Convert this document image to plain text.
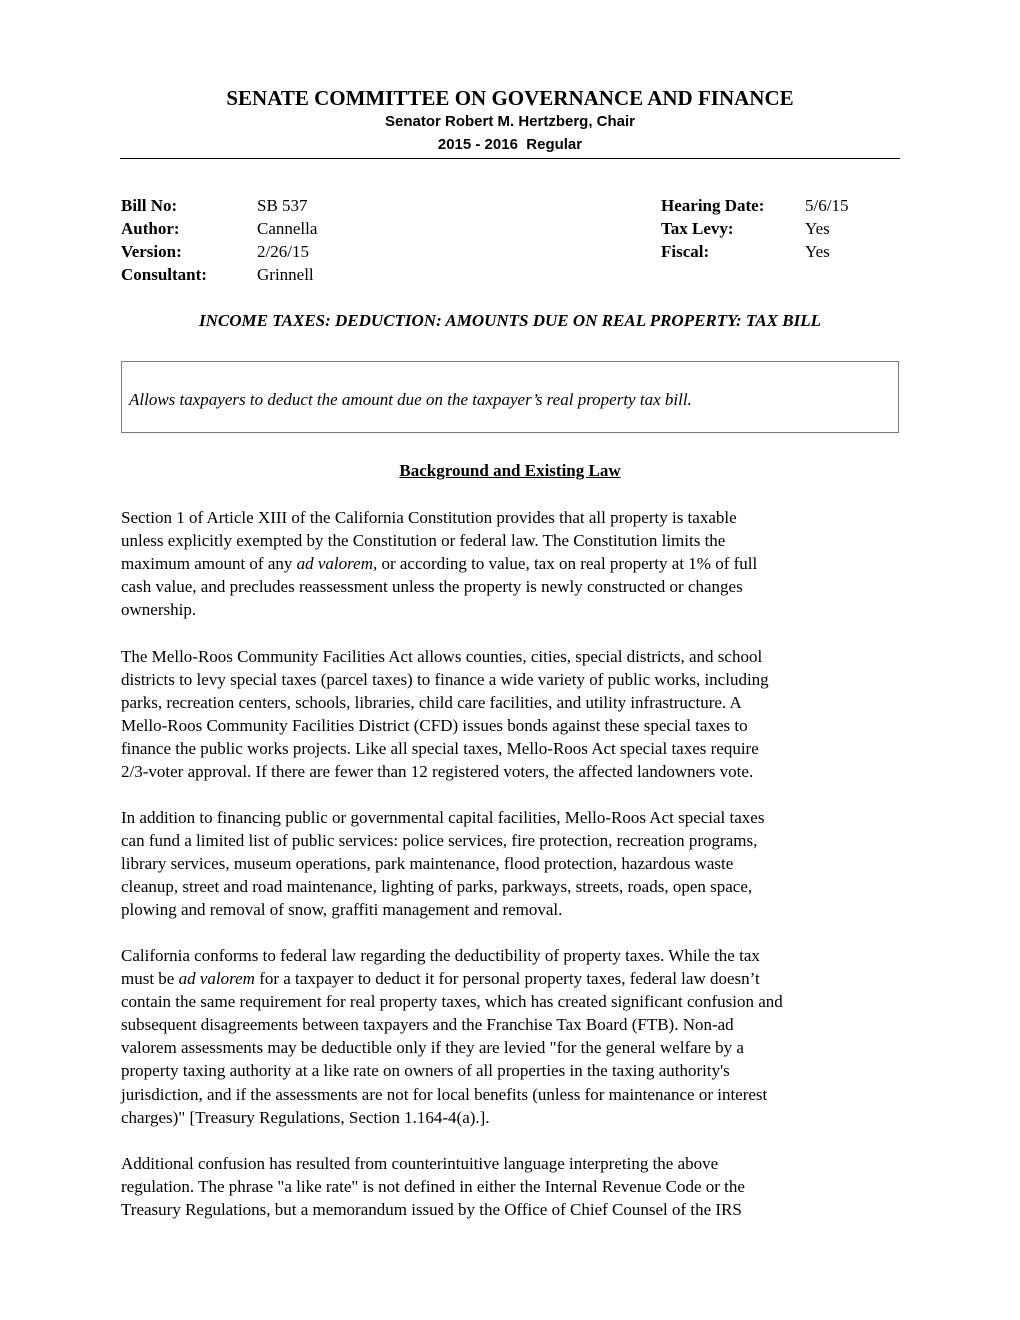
SENATE COMMITTEE ON GOVERNANCE AND FINANCE
Senator Robert M. Hertzberg, Chair
2015 - 2016  Regular
Bill No:	SB 537	Hearing Date: 5/6/15
Author:	Cannella	Tax Levy:	Yes
Version:	2/26/15	Fiscal:	Yes
Consultant:	Grinnell
INCOME TAXES: DEDUCTION: AMOUNTS DUE ON REAL PROPERTY: TAX BILL
Allows taxpayers to deduct the amount due on the taxpayer’s real property tax bill.
Background and Existing Law
Section 1 of Article XIII of the California Constitution provides that all property is taxable
unless explicitly exempted by the Constitution or federal law. The Constitution limits the
maximum amount of any ad valorem, or according to value, tax on real property at 1% of full
cash value, and precludes reassessment unless the property is newly constructed or changes
ownership.
The Mello-Roos Community Facilities Act allows counties, cities, special districts, and school
districts to levy special taxes (parcel taxes) to finance a wide variety of public works, including
parks, recreation centers, schools, libraries, child care facilities, and utility infrastructure. A
Mello-Roos Community Facilities District (CFD) issues bonds against these special taxes to
finance the public works projects. Like all special taxes, Mello-Roos Act special taxes require
2/3-voter approval. If there are fewer than 12 registered voters, the affected landowners vote.
In addition to financing public or governmental capital facilities, Mello-Roos Act special taxes
can fund a limited list of public services: police services, fire protection, recreation programs,
library services, museum operations, park maintenance, flood protection, hazardous waste
cleanup, street and road maintenance, lighting of parks, parkways, streets, roads, open space,
plowing and removal of snow, graffiti management and removal.
California conforms to federal law regarding the deductibility of property taxes. While the tax
must be ad valorem for a taxpayer to deduct it for personal property taxes, federal law doesn’t
contain the same requirement for real property taxes, which has created significant confusion and
subsequent disagreements between taxpayers and the Franchise Tax Board (FTB). Non-ad
valorem assessments may be deductible only if they are levied "for the general welfare by a
property taxing authority at a like rate on owners of all properties in the taxing authority's
jurisdiction, and if the assessments are not for local benefits (unless for maintenance or interest
charges)" [Treasury Regulations, Section 1.164-4(a).].
Additional confusion has resulted from counterintuitive language interpreting the above
regulation. The phrase "a like rate" is not defined in either the Internal Revenue Code or the
Treasury Regulations, but a memorandum issued by the Office of Chief Counsel of the IRS
